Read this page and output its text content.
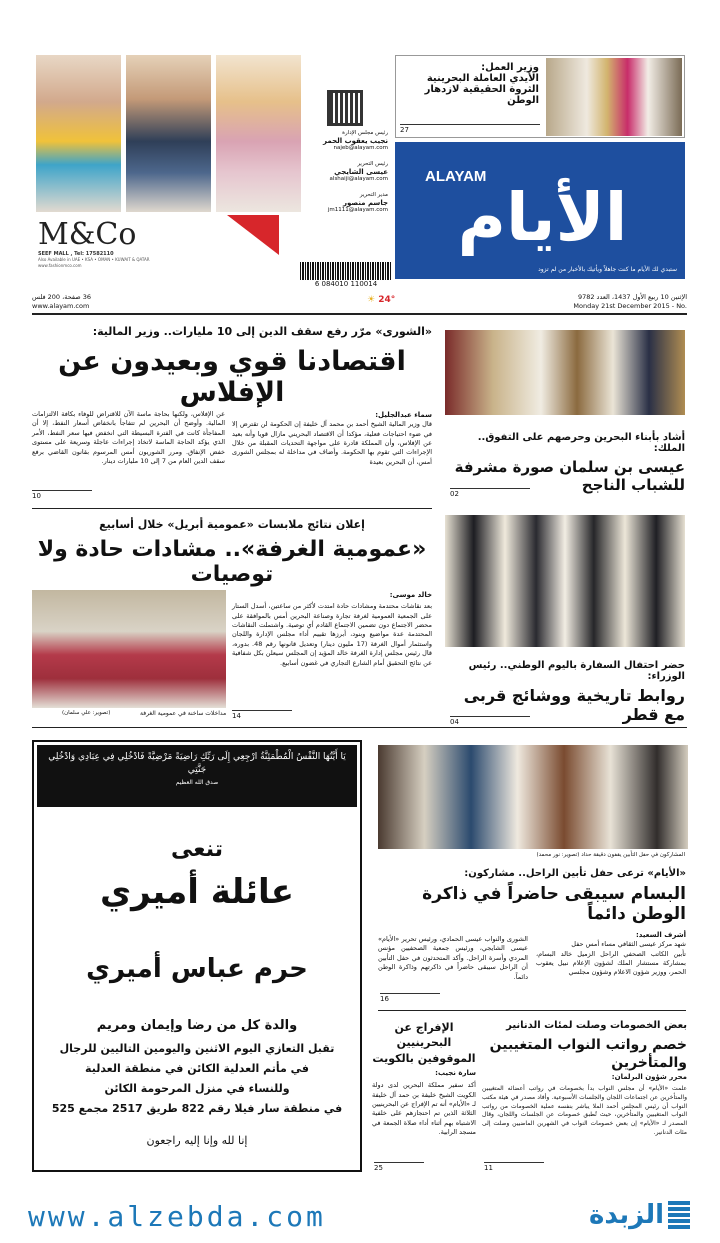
M&Co
SEEF MALL , Tel: 17582110
Also Available in UAE • KSA • OMAN • KUWAIT & QATAR
www.fashionmco.com
رئيس مجلس الإدارة
نجيب يعقوب الحمر
najeb@alayam.com
رئيس التحرير
عيسى الشايجي
alshaiji@alayam.com
مدير التحرير
جاسم منصور
jm1111@alayam.com
وزير العمل:
الأيدي العاملة البحرينية
الثروة الحقيقية لازدهار الوطن
27
ALAYAM
الأيام
ستبدي لك الأيام ما كنت جاهلاً ويأتيك بالأخبار من لم تزود
6 084010 110014
الإثنين 10 ربيع الأول 1437، العدد 9782
Monday 21st December 2015 - No.
36 صفحة، 200 فلس
www.alayam.com
☀ 24°
«الشورى» مرّر رفع سقف الدين إلى 10 مليارات.. وزير المالية:
اقتصادنا قوي وبعيدون عن الإفلاس
سماء عبدالجليل:
قال وزير المالية الشيخ أحمد بن محمد آل خليفة إن الحكومة لن تقترض إلا في ضوء احتياجات فعلية، مؤكدا أن الاقتصاد البحريني مازال قويا وأنه بعيد عن الإفلاس، وأن المملكة قادرة على مواجهة التحديات المقبلة من خلال الإجراءات التي تقوم بها الحكومة. وأضاف في مداخلة له بمجلس الشورى أمس، أن البحرين بعيدة
عن الإفلاس، ولكنها بحاجة ماسة الآن للاقتراض للوفاء بكافة الالتزامات المالية. وأوضح أن البحرين لم تتفاجأ بانخفاض أسعار النفط، إلا أن المفاجأة كانت في الفترة البسيطة التي انخفض فيها سعر النفط، الأمر الذي يؤكد الحاجة الماسة لاتخاذ إجراءات عاجلة وسريعة على مستوى خفض الإنفاق. ومرر الشوريون أمس المرسوم بقانون القاضي برفع سقف الدين العام من 7 إلى 10 مليارات دينار.
10
أشاد بأبناء البحرين وحرصهم على التفوق.. الملك:
عيسى بن سلمان صورة مشرفة للشباب الناجح
02
إعلان نتائج ملابسات «عمومية أبريل» خلال أسابيع
«عمومية الغرفة».. مشادات حادة ولا توصيات
(تصوير: علي سلمان)
خالد موسى:
بعد نقاشات محتدمة ومشادات حادة امتدت لأكثر من ساعتين، أسدل الستار على الجمعية العمومية لغرفة تجارة وصناعة البحرين أمس بالموافقة على محضر الاجتماع دون تضمين الاجتماع القادم أي توصية. واشتملت النقاشات المحتدمة عدة مواضيع وبنود، أبرزها تقييم أداء مجلس الإدارة واللجان واستثمار أموال الغرفة (17 مليون دينار) وتعديل قانونها رقم 48. بدوره، قال رئيس مجلس إدارة الغرفة خالد المؤيد إن المجلس سيعلن بكل شفافية عن نتائج التحقيق أمام الشارع التجاري في غضون أسابيع.
مداخلات ساخنة في عمومية الغرفة 14
حضر احتفال السفارة باليوم الوطني.. رئيس الوزراء:
روابط تاريخية ووشائج قربى مع قطر
04
يَا أَيَّتُهَا النَّفْسُ الْمُطْمَئِنَّةُ ارْجِعِي إِلَى رَبِّكِ رَاضِيَةً مَرْضِيَّةً فَادْخُلِي فِي عِبَادِي وَادْخُلِي جَنَّتِي
صدق الله العظيم
تنعى
عائلة أميري
حرم عباس أميري
والدة كل من رضا وإيمان ومريم
تقبل التعازي اليوم الاثنين واليومين التاليين للرجال
في مأتم العدلية الكائن في منطقة العدلية
وللنساء في منزل المرحومة الكائن
في منطقة سار فيلا رقم 822 طريق 2517 مجمع 525
إنا لله وإنا إليه راجعون
المشاركون في حفل التأبين يقفون دقيقة حداد (تصوير: نور محمد)
«الأيام» ترعى حفل تأبين الراحل.. مشاركون:
البسام سيبقى حاضراً في ذاكرة الوطن دائماً
أشرف السعيد:
شهد مركز عيسى الثقافي مساء أمس حفل
تأبين الكاتب الصحفي الراحل الزميل خالد البسام، بمشاركة مستشار الملك لشؤون الإعلام نبيل يعقوب الحمر، ووزير شؤون الاعلام وشؤون مجلسي
الشورى والنواب عيسى الحمادي، ورئيس تحرير «الأيام» عيسى الشايجي، ورئيس جمعية الصحفيين مؤنس المردي وأسرة الراحل. وأكد المتحدثون في حفل التأبين أن الراحل سيبقى حاضراً في ذاكرتهم وذاكرة الوطن دائماً.
16
الإفراج عن البحرينيين الموقوفين بالكويت
سارة نجيب:
أكد سفير مملكة البحرين لدى دولة الكويت الشيخ خليفة بن حمد آل خليفة لـ «الأيام» أنه تم الإفراج عن البحرينيين الثلاثة الذين تم احتجازهم على خلفية الاشتباه بهم أثناء أداء صلاة الجمعة في مسجد الرابية.
25
بعض الخصومات وصلت لمئات الدنانير
خصم رواتب النواب المتغيبين والمتأخرين
محرر شؤون البرلمان:
علمت «الأيام» أن مجلس النواب بدأ بخصومات في رواتب أعضائه المتغيبين والمتأخرين عن اجتماعات اللجان والجلسات الأسبوعية. وأفاد مصدر في هيئة مكتب النواب أن رئيس المجلس أحمد الملا يباشر بنفسه عملية الخصومات من رواتب النواب المتغيبين والمتأخرين، حيث تُطبق خصومات عن الجلسات واللجان، وقال المصدر لـ «الأيام» إن بعض خصومات النواب في الشهرين الماضيين وصلت إلى مئات الدنانير.
11
www.alzebda.com	الزبدة
